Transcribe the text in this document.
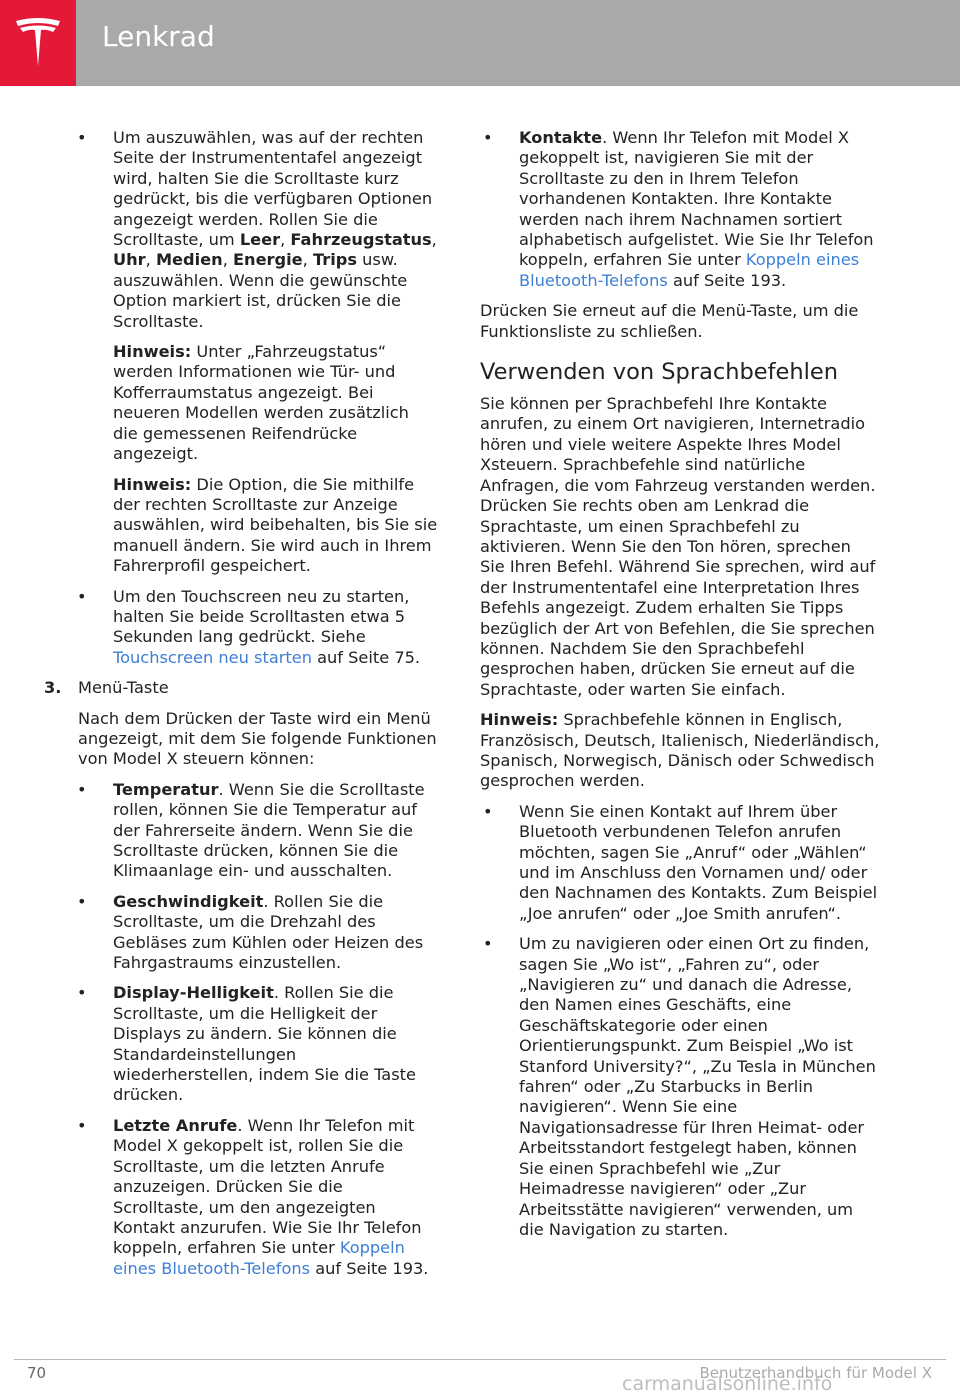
Lenkrad
• Um auszuwählen, was auf der rechten Seite der Instrumententafel angezeigt wird, halten Sie die Scrolltaste kurz gedrückt, bis die verfügbaren Optionen angezeigt werden. Rollen Sie die Scrolltaste, um Leer, Fahrzeugstatus, Uhr, Medien, Energie, Trips usw. auszuwählen. Wenn die gewünschte Option markiert ist, drücken Sie die Scrolltaste.

Hinweis: Unter „Fahrzeugstatus“ werden Informationen wie Tür- und Kofferraumstatus angezeigt. Bei neueren Modellen werden zusätzlich die gemessenen Reifendrücke angezeigt.

Hinweis: Die Option, die Sie mithilfe der rechten Scrolltaste zur Anzeige auswählen, wird beibehalten, bis Sie sie manuell ändern. Sie wird auch in Ihrem Fahrerprofil gespeichert.

• Um den Touchscreen neu zu starten, halten Sie beide Scrolltasten etwa 5 Sekunden lang gedrückt. Siehe Touchscreen neu starten auf Seite 75.
3. Menü-Taste

Nach dem Drücken der Taste wird ein Menü angezeigt, mit dem Sie folgende Funktionen von Model X steuern können:

• Temperatur. Wenn Sie die Scrolltaste rollen, können Sie die Temperatur auf der Fahrerseite ändern. Wenn Sie die Scrolltaste drücken, können Sie die Klimaanlage ein- und ausschalten.
• Geschwindigkeit. Rollen Sie die Scrolltaste, um die Drehzahl des Gebläses zum Kühlen oder Heizen des Fahrgastraums einzustellen.
• Display-Helligkeit. Rollen Sie die Scrolltaste, um die Helligkeit der Displays zu ändern. Sie können die Standardeinstellungen wiederherstellen, indem Sie die Taste drücken.
• Letzte Anrufe. Wenn Ihr Telefon mit Model X gekoppelt ist, rollen Sie die Scrolltaste, um die letzten Anrufe anzuzeigen. Drücken Sie die Scrolltaste, um den angezeigten Kontakt anzurufen. Wie Sie Ihr Telefon koppeln, erfahren Sie unter Koppeln eines Bluetooth-Telefons auf Seite 193.
• Kontakte. Wenn Ihr Telefon mit Model X gekoppelt ist, navigieren Sie mit der Scrolltaste zu den in Ihrem Telefon vorhandenen Kontakten. Ihre Kontakte werden nach ihrem Nachnamen sortiert alphabetisch aufgelistet. Wie Sie Ihr Telefon koppeln, erfahren Sie unter Koppeln eines Bluetooth-Telefons auf Seite 193.

Drücken Sie erneut auf die Menü-Taste, um die Funktionsliste zu schließen.

Verwenden von Sprachbefehlen

Sie können per Sprachbefehl Ihre Kontakte anrufen, zu einem Ort navigieren, Internetradio hören und viele weitere Aspekte Ihres Model Xsteuern. Sprachbefehle sind natürliche Anfragen, die vom Fahrzeug verstanden werden. Drücken Sie rechts oben am Lenkrad die Sprachtaste, um einen Sprachbefehl zu aktivieren. Wenn Sie den Ton hören, sprechen Sie Ihren Befehl. Während Sie sprechen, wird auf der Instrumententafel eine Interpretation Ihres Befehls angezeigt. Zudem erhalten Sie Tipps bezüglich der Art von Befehlen, die Sie sprechen können. Nachdem Sie den Sprachbefehl gesprochen haben, drücken Sie erneut auf die Sprachtaste, oder warten Sie einfach.

Hinweis: Sprachbefehle können in Englisch, Französisch, Deutsch, Italienisch, Niederländisch, Spanisch, Norwegisch, Dänisch oder Schwedisch gesprochen werden.

• Wenn Sie einen Kontakt auf Ihrem über Bluetooth verbundenen Telefon anrufen möchten, sagen Sie „Anruf“ oder „Wählen“ und im Anschluss den Vornamen und/ oder den Nachnamen des Kontakts. Zum Beispiel „Joe anrufen“ oder „Joe Smith anrufen“.
• Um zu navigieren oder einen Ort zu finden, sagen Sie „Wo ist“, „Fahren zu“, oder „Navigieren zu“ und danach die Adresse, den Namen eines Geschäfts, eine Geschäftskategorie oder einen Orientierungspunkt. Zum Beispiel „Wo ist Stanford University?“, „Zu Tesla in München fahren“ oder „Zu Starbucks in Berlin navigieren“. Wenn Sie eine Navigationsadresse für Ihren Heimat- oder Arbeitsstandort festgelegt haben, können Sie einen Sprachbefehl wie „Zur Heimadresse navigieren“ oder „Zur Arbeitsstätte navigieren“ verwenden, um die Navigation zu starten.
70	Benutzerhandbuch für Model X
carmanualsonline.info
